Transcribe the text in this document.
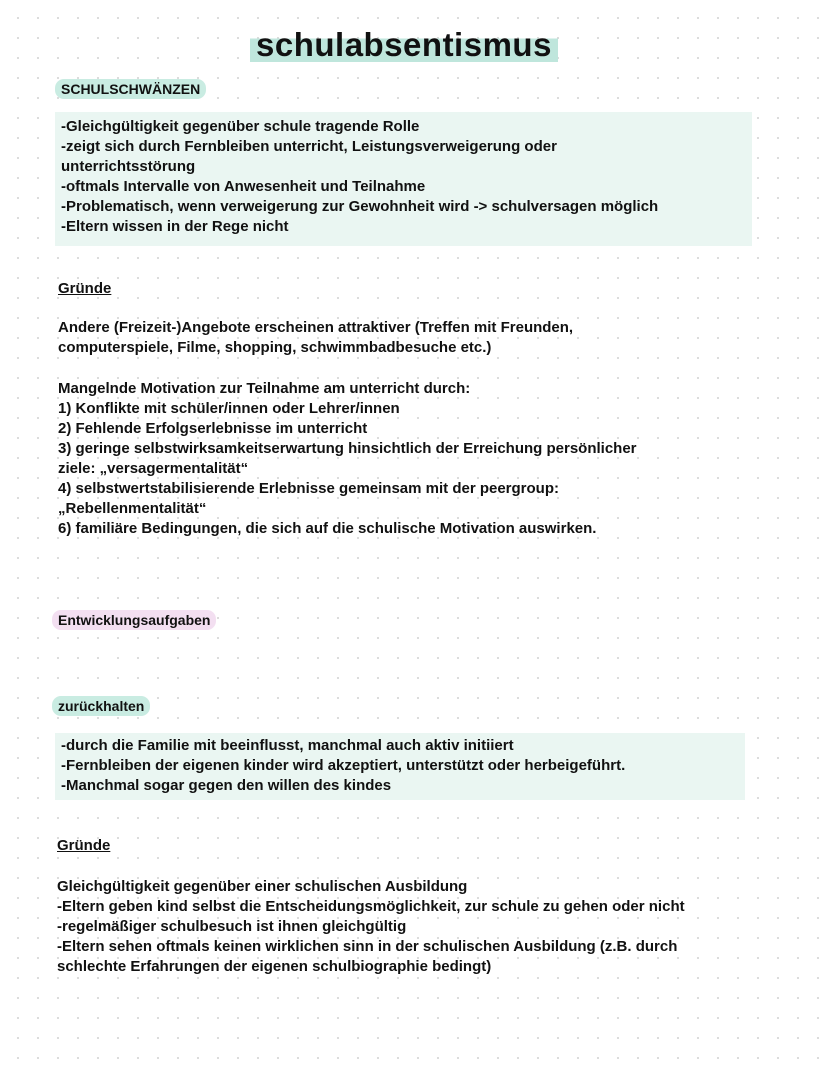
schulabsentismus
SCHULSCHWÄNZEN
-Gleichgültigkeit gegenüber schule tragende Rolle
-zeigt sich durch Fernbleiben unterricht, Leistungsverweigerung oder
unterrichtsstörung
-oftmals Intervalle von Anwesenheit und Teilnahme
-Problematisch, wenn verweigerung zur Gewohnheit wird -> schulversagen möglich
-Eltern wissen in der Rege nicht
Gründe
Andere (Freizeit-)Angebote erscheinen attraktiver (Treffen mit Freunden,
computerspiele, Filme, shopping, schwimmbadbesuche etc.)
Mangelnde Motivation zur Teilnahme am unterricht durch:
1) Konflikte mit schüler/innen oder Lehrer/innen
2) Fehlende Erfolgserlebnisse im unterricht
3) geringe selbstwirksamkeitserwartung hinsichtlich der Erreichung persönlicher
ziele: „versagermentalität“
4) selbstwertstabilisierende Erlebnisse gemeinsam mit der peergroup:
„Rebellenmentalität“
6) familiäre Bedingungen, die sich auf die schulische Motivation auswirken.
Entwicklungsaufgaben
zurückhalten
-durch die Familie mit beeinflusst, manchmal auch aktiv initiiert
-Fernbleiben der eigenen kinder wird akzeptiert, unterstützt oder herbeigeführt.
-Manchmal sogar gegen den willen des kindes
Gründe
Gleichgültigkeit gegenüber einer schulischen Ausbildung
-Eltern geben kind selbst die Entscheidungsmöglichkeit, zur schule zu gehen oder nicht
-regelmäßiger schulbesuch ist ihnen gleichgültig
-Eltern sehen oftmals keinen wirklichen sinn in der schulischen Ausbildung (z.B. durch
schlechte Erfahrungen der eigenen schulbiographie bedingt)
